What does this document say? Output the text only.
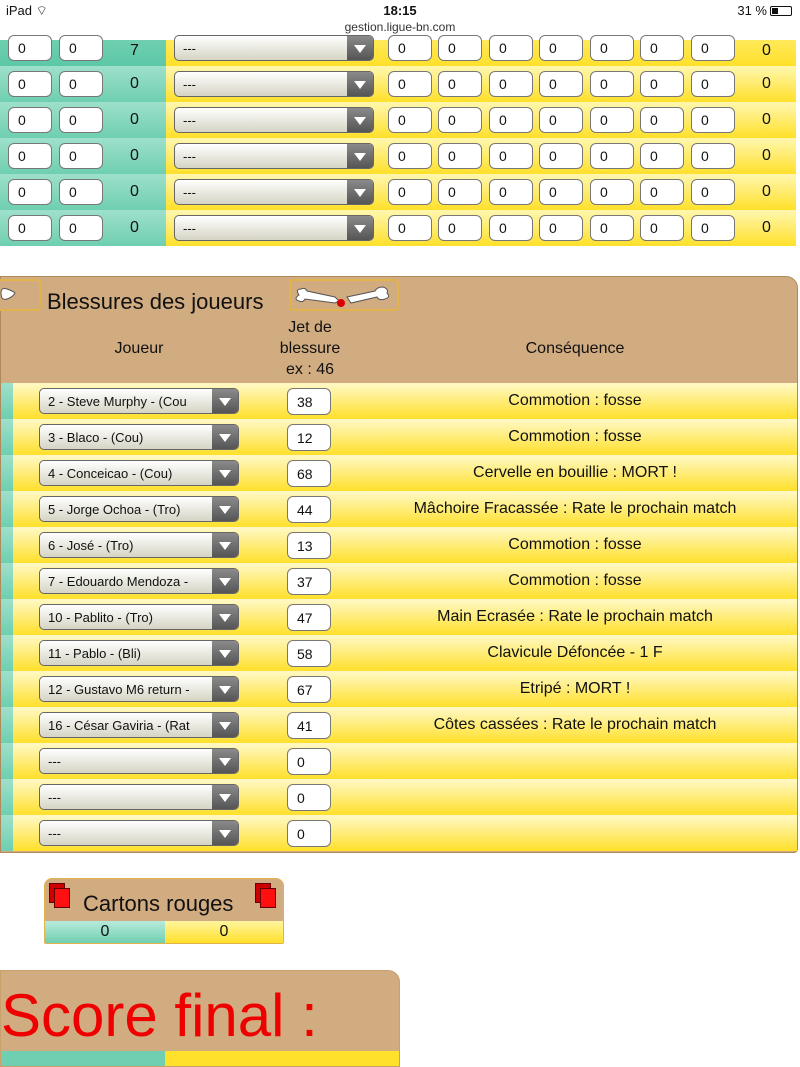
iPad ⌔	18:15	31 %
gestion.ligue-bn.com
0	0	7	---	0	0	0	0	0	0	0	0
0	0	0	---	0	0	0	0	0	0	0	0
0	0	0	---	0	0	0	0	0	0	0	0
0	0	0	---	0	0	0	0	0	0	0	0
0	0	0	---	0	0	0	0	0	0	0	0
0	0	0	---	0	0	0	0	0	0	0	0
Blessures des joueurs
Joueur
Jet de
blessure
ex : 46
Conséquence
2 - Steve Murphy - (Cou	38	Commotion : fosse
3 - Blaco - (Cou)	12	Commotion : fosse
4 - Conceicao - (Cou)	68	Cervelle en bouillie : MORT !
5 - Jorge Ochoa - (Tro)	44	Mâchoire Fracassée : Rate le prochain match
6 - José - (Tro)	13	Commotion : fosse
7 - Edouardo Mendoza -	37	Commotion : fosse
10 - Pablito - (Tro)	47	Main Ecrasée : Rate le prochain match
11 - Pablo - (Bli)	58	Clavicule Défoncée - 1 F
12 - Gustavo M6 return -	67	Etripé : MORT !
16 - César Gaviria - (Rat	41	Côtes cassées : Rate le prochain match
---	0
---	0
---	0
Cartons rouges
0	0
Score final :
